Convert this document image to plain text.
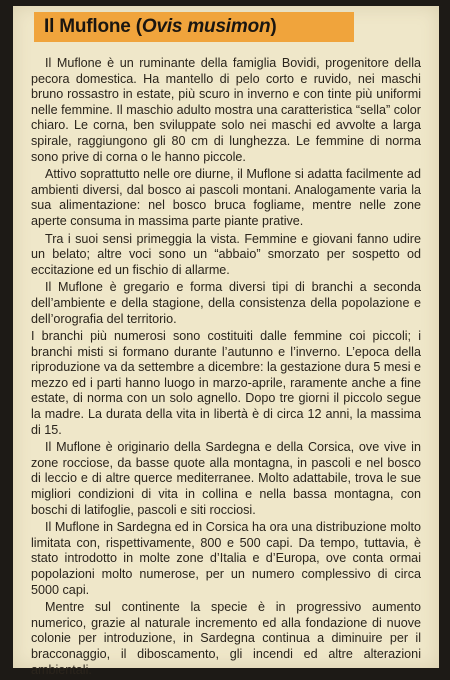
Il Muflone (Ovis musimon)

Il Muflone è un ruminante della famiglia Bovidi, progenitore della pecora domestica. Ha mantello di pelo corto e ruvido, nei maschi bruno rossastro in estate, più scuro in inverno e con tinte più uniformi nelle femmine. Il maschio adulto mostra una caratteristica “sella” color chiaro. Le corna, ben sviluppate solo nei maschi ed avvolte a larga spirale, raggiungono gli 80 cm di lunghezza. Le femmine di norma sono prive di corna o le hanno piccole.

Attivo soprattutto nelle ore diurne, il Muflone si adatta facilmente ad ambienti diversi, dal bosco ai pascoli montani. Analogamente varia la sua alimentazione: nel bosco bruca fogliame, mentre nelle zone aperte consuma in massima parte piante prative.

Tra i suoi sensi primeggia la vista. Femmine e giovani fanno udire un belato; altre voci sono un “abbaio” smorzato per sospetto od eccitazione ed un fischio di allarme.

Il Muflone è gregario e forma diversi tipi di branchi a seconda dell’ambiente e della stagione, della consistenza della popolazione e dell’orografia del territorio.

I branchi più numerosi sono costituiti dalle femmine coi piccoli; i branchi misti si formano durante l’autunno e l’inverno. L’epoca della riproduzione va da settembre a dicembre: la gestazione dura 5 mesi e mezzo ed i parti hanno luogo in marzo-aprile, raramente anche a fine estate, di norma con un solo agnello. Dopo tre giorni il piccolo segue la madre. La durata della vita in libertà è di circa 12 anni, la massima di 15.

Il Muflone è originario della Sardegna e della Corsica, ove vive in zone rocciose, da basse quote alla montagna, in pascoli e nel bosco di leccio e di altre querce mediterranee. Molto adattabile, trova le sue migliori condizioni di vita in collina e nella bassa montagna, con boschi di latifoglie, pascoli e siti rocciosi.

Il Muflone in Sardegna ed in Corsica ha ora una distribuzione molto limitata con, rispettivamente, 800 e 500 capi. Da tempo, tuttavia, è stato introdotto in molte zone d’Italia e d’Europa, ove conta ormai popolazioni molto numerose, per un numero complessivo di circa 5000 capi.

Mentre sul continente la specie è in progressivo aumento numerico, grazie al naturale incremento ed alla fondazione di nuove colonie per introduzione, in Sardegna continua a diminuire per il bracconaggio, il diboscamento, gli incendi ed altre alterazioni ambientali.
